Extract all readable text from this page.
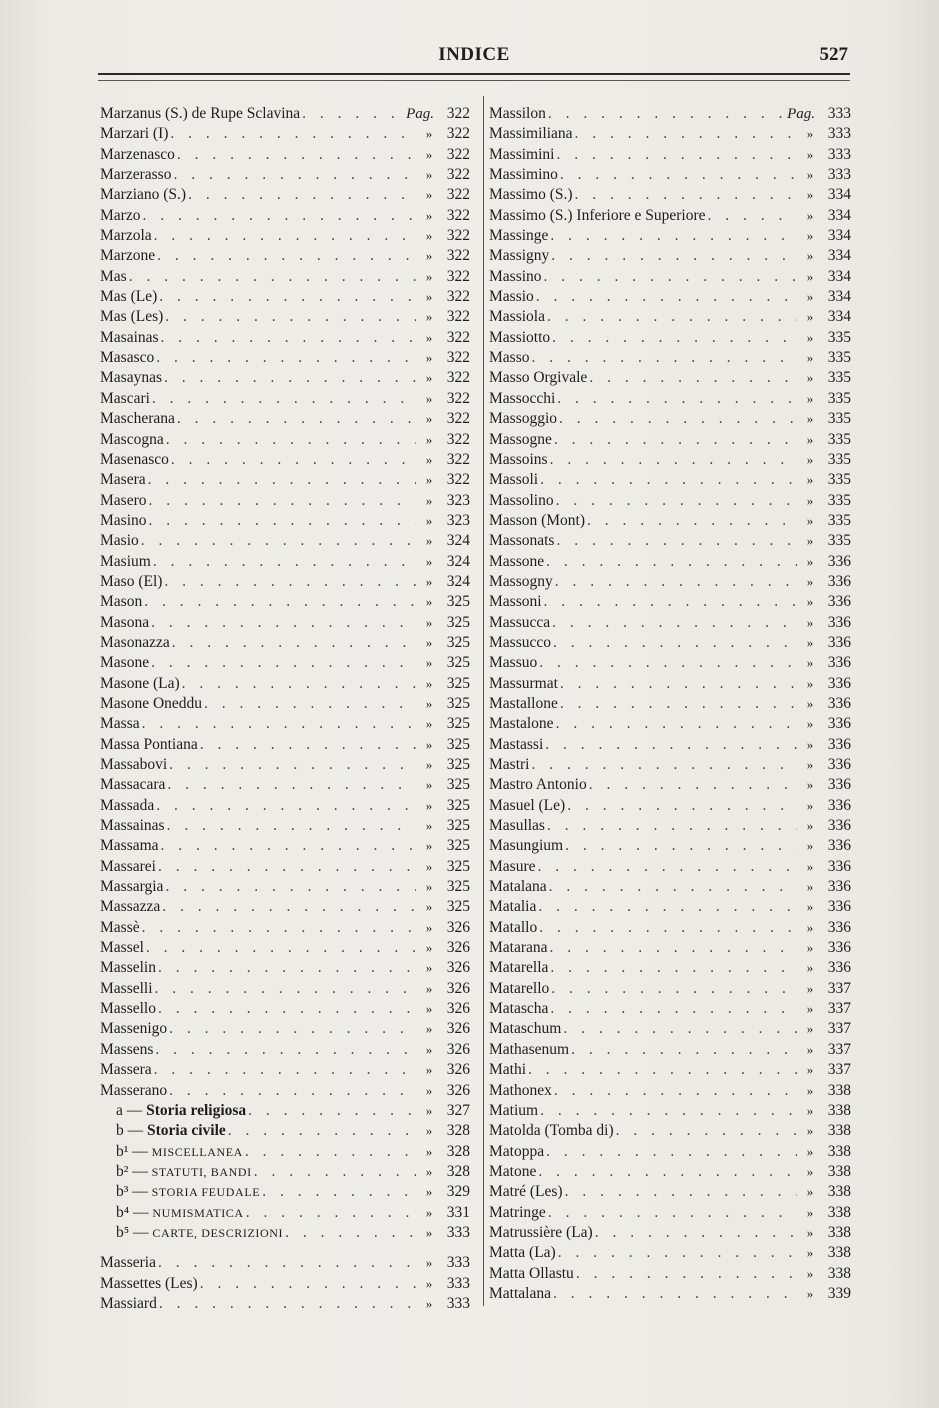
INDICE	527
Marzanus (S.) de Rupe Sclavina . . .	Pag. 322
Marzari (I) . . .	» 322
Marzenasco . . .	» 322
Marzerasso . . .	» 322
Marziano (S.) . . .	» 322
Marzo . . .	» 322
Marzola . . .	» 322
Marzone . . .	» 322
Mas . . .	» 322
Mas (Le) . . .	» 322
Mas (Les) . . .	» 322
Masainas . . .	» 322
Masasco . . .	» 322
Masaynas . . .	» 322
Mascari . . .	» 322
Mascherana . . .	» 322
Mascogna . . .	» 322
Masenasco . . .	» 322
Masera . . .	» 322
Masero . . .	» 323
Masino . . .	» 323
Masio . . .	» 324
Masium . . .	» 324
Maso (El) . . .	» 324
Mason . . .	» 325
Masona . . .	» 325
Masonazza . . .	» 325
Masone . . .	» 325
Masone (La) . . .	» 325
Masone Oneddu . . .	» 325
Massa . . .	» 325
Massa Pontiana . . .	» 325
Massabovi . . .	» 325
Massacara . . .	» 325
Massada . . .	» 325
Massainas . . .	» 325
Massama . . .	» 325
Massarei . . .	» 325
Massargia . . .	» 325
Massazza . . .	» 325
Massè . . .	» 326
Massel . . .	» 326
Masselin . . .	» 326
Masselli . . .	» 326
Massello . . .	» 326
Massenigo . . .	» 326
Massens . . .	» 326
Massera . . .	» 326
Masserano . . .	» 326
a — Storia religiosa . . .	» 327
b — Storia civile . . .	» 328
b¹ — MISCELLANEA . . .	» 328
b² — STATUTI, BANDI . . .	» 328
b³ — STORIA FEUDALE . . .	» 329
b⁴ — NUMISMATICA . . .	» 331
b⁵ — CARTE, DESCRIZIONI . . .	» 333
Masseria . . .	» 333
Massettes (Les) . . .	» 333
Massiard . . .	» 333
Massilon . . .	Pag. 333
Massimiliana . . .	» 333
Massimini . . .	» 333
Massimino . . .	» 333
Massimo (S.) . . .	» 334
Massimo (S.) Inferiore e Superiore . . .	» 334
Massinge . . .	» 334
Massigny . . .	» 334
Massino . . .	» 334
Massio . . .	» 334
Massiola . . .	» 334
Massiotto . . .	» 335
Masso . . .	» 335
Masso Orgivale . . .	» 335
Massocchi . . .	» 335
Massoggio . . .	» 335
Massogne . . .	» 335
Massoins . . .	» 335
Massoli . . .	» 335
Massolino . . .	» 335
Masson (Mont) . . .	» 335
Massonats . . .	» 335
Massone . . .	» 336
Massogny . . .	» 336
Massoni . . .	» 336
Massucca . . .	» 336
Massucco . . .	» 336
Massuo . . .	» 336
Massurmat . . .	» 336
Mastallone . . .	» 336
Mastalone . . .	» 336
Mastassi . . .	» 336
Mastri . . .	» 336
Mastro Antonio . . .	» 336
Masuel (Le) . . .	» 336
Masullas . . .	» 336
Masungium . . .	» 336
Masure . . .	» 336
Matalana . . .	» 336
Matalia . . .	» 336
Matallo . . .	» 336
Matarana . . .	» 336
Matarella . . .	» 336
Matarello . . .	» 337
Matascha . . .	» 337
Mataschum . . .	» 337
Mathasenum . . .	» 337
Mathi . . .	» 337
Mathonex . . .	» 338
Matium . . .	» 338
Matolda (Tomba di) . . .	» 338
Matoppa . . .	» 338
Matone . . .	» 338
Matré (Les) . . .	» 338
Matringe . . .	» 338
Matrussière (La) . . .	» 338
Matta (La) . . .	» 338
Matta Ollastu . . .	» 338
Mattalana . . .	» 339
